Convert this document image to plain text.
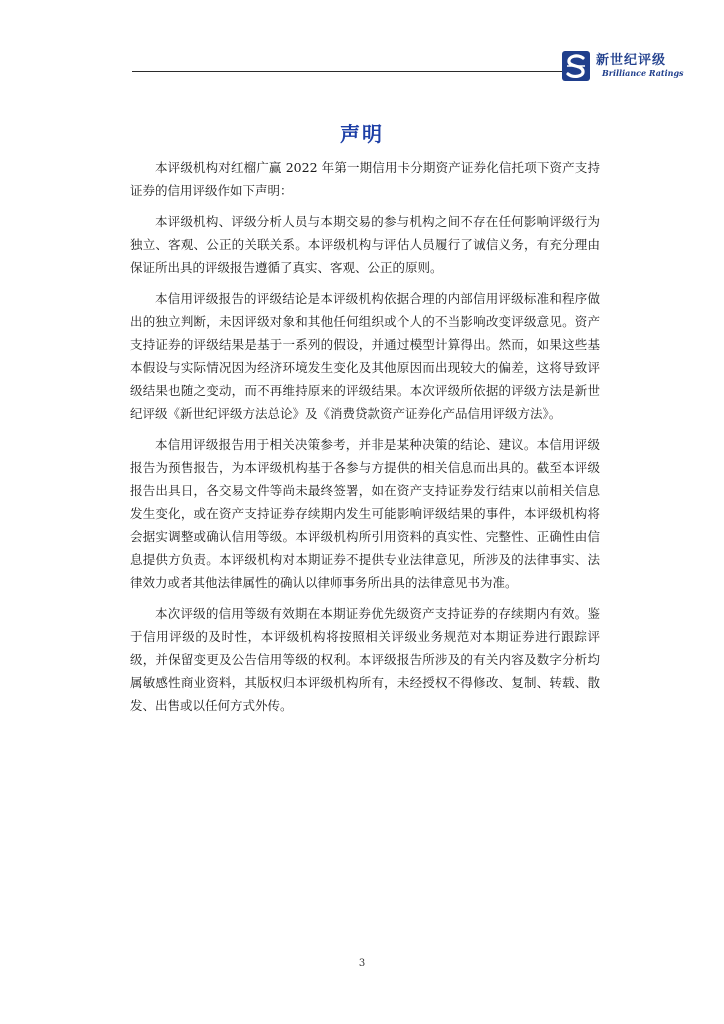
新世纪评级
Brilliance Ratings
声明

本评级机构对红榴广赢 2022 年第一期信用卡分期资产证券化信托项下资产支持证券的信用评级作如下声明：

本评级机构、评级分析人员与本期交易的参与机构之间不存在任何影响评级行为独立、客观、公正的关联关系。本评级机构与评估人员履行了诚信义务，有充分理由保证所出具的评级报告遵循了真实、客观、公正的原则。

本信用评级报告的评级结论是本评级机构依据合理的内部信用评级标准和程序做出的独立判断，未因评级对象和其他任何组织或个人的不当影响改变评级意见。资产支持证券的评级结果是基于一系列的假设，并通过模型计算得出。然而，如果这些基本假设与实际情况因为经济环境发生变化及其他原因而出现较大的偏差，这将导致评级结果也随之变动，而不再维持原来的评级结果。本次评级所依据的评级方法是新世纪评级《新世纪评级方法总论》及《消费贷款资产证券化产品信用评级方法》。

本信用评级报告用于相关决策参考，并非是某种决策的结论、建议。本信用评级报告为预售报告，为本评级机构基于各参与方提供的相关信息而出具的。截至本评级报告出具日，各交易文件等尚未最终签署，如在资产支持证券发行结束以前相关信息发生变化，或在资产支持证券存续期内发生可能影响评级结果的事件，本评级机构将会据实调整或确认信用等级。本评级机构所引用资料的真实性、完整性、正确性由信息提供方负责。本评级机构对本期证券不提供专业法律意见，所涉及的法律事实、法律效力或者其他法律属性的确认以律师事务所出具的法律意见书为准。

本次评级的信用等级有效期在本期证券优先级资产支持证券的存续期内有效。鉴于信用评级的及时性，本评级机构将按照相关评级业务规范对本期证券进行跟踪评级，并保留变更及公告信用等级的权利。本评级报告所涉及的有关内容及数字分析均属敏感性商业资料，其版权归本评级机构所有，未经授权不得修改、复制、转载、散发、出售或以任何方式外传。

3
